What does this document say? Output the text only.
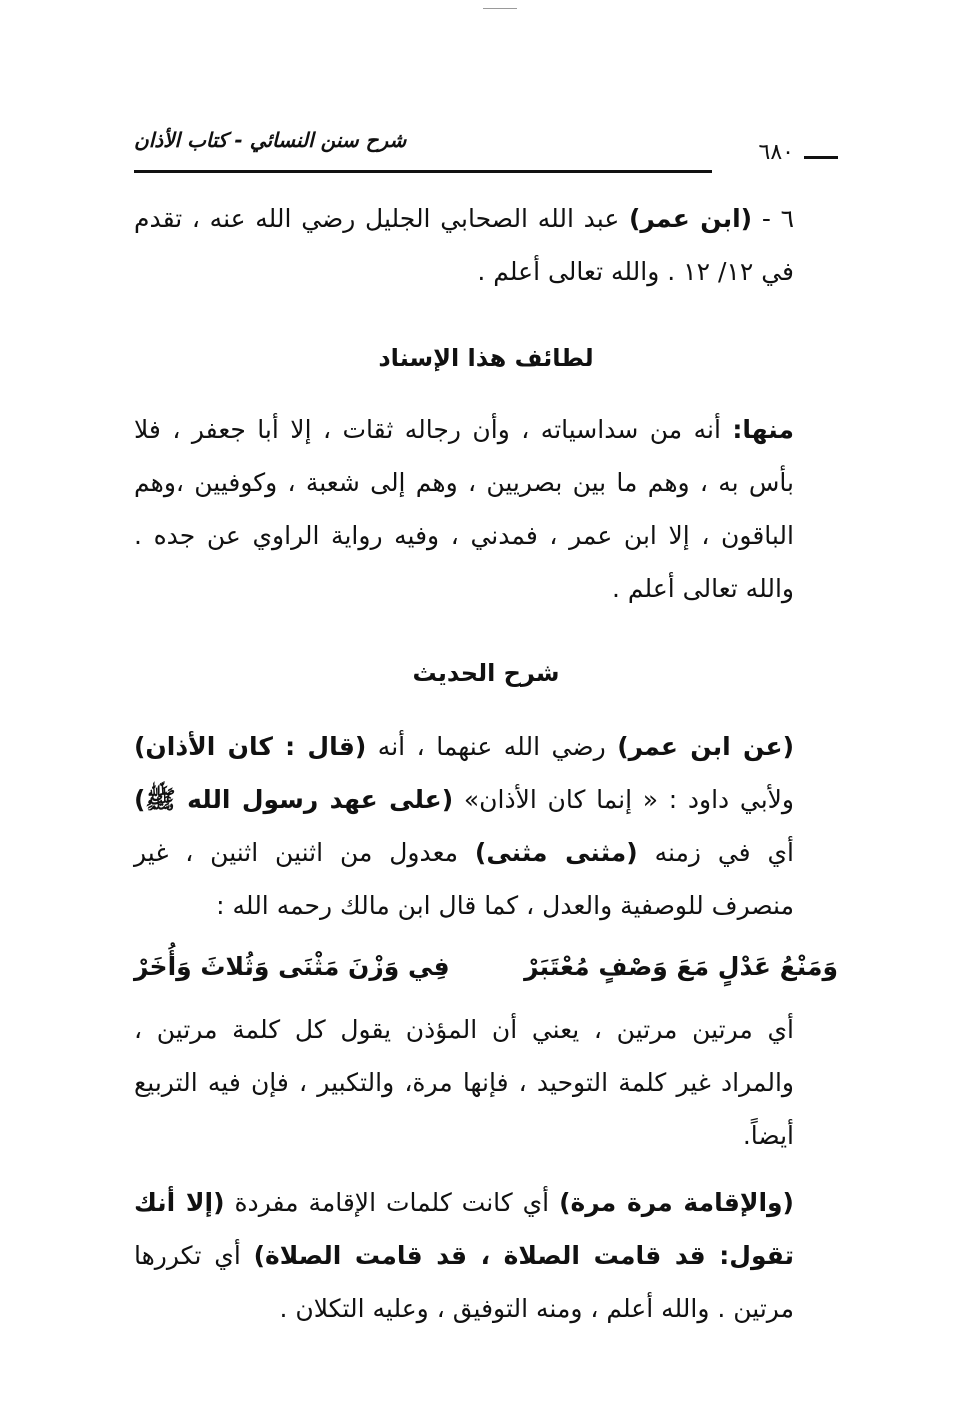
شرح سنن النسائي - كتاب الأذان	٦٨٠

٦ - (ابن عمر) عبد الله الصحابي الجليل رضي الله عنه ، تقدم في ١٢/ ١٢ . والله تعالى أعلم .

لطائف هذا الإسناد

منها: أنه من سداسياته ، وأن رجاله ثقات ، إلا أبا جعفر ، فلا بأس به ، وهم ما بين بصريين ، وهم إلى شعبة ، وكوفيين ،وهم الباقون ، إلا ابن عمر ، فمدني ، وفيه رواية الراوي عن جده . والله تعالى أعلم .

شرح الحديث

(عن ابن عمر) رضي الله عنهما ، أنه (قال : كان الأذان) ولأبي داود : « إنما كان الأذان» (على عهد رسول الله ﷺ) أي في زمنه (مثنى مثنى) معدول من اثنين اثنين ، غير منصرف للوصفية والعدل ، كما قال ابن مالك رحمه الله :

وَمَنْعُ عَدْلٍ مَعَ وَصْفٍ مُعْتَبَرْ
فِي وَزْنَ مَثْنَى وَثُلاثَ وَأُخَرْ

أي مرتين مرتين ، يعني أن المؤذن يقول كل كلمة مرتين ، والمراد غير كلمة التوحيد ، فإنها مرة، والتكبير ، فإن فيه التربيع أيضاً.

(والإقامة مرة مرة) أي كانت كلمات الإقامة مفردة (إلا أنك تقول: قد قامت الصلاة ، قد قامت الصلاة) أي تكررها مرتين . والله أعلم ، ومنه التوفيق ، وعليه التكلان .
